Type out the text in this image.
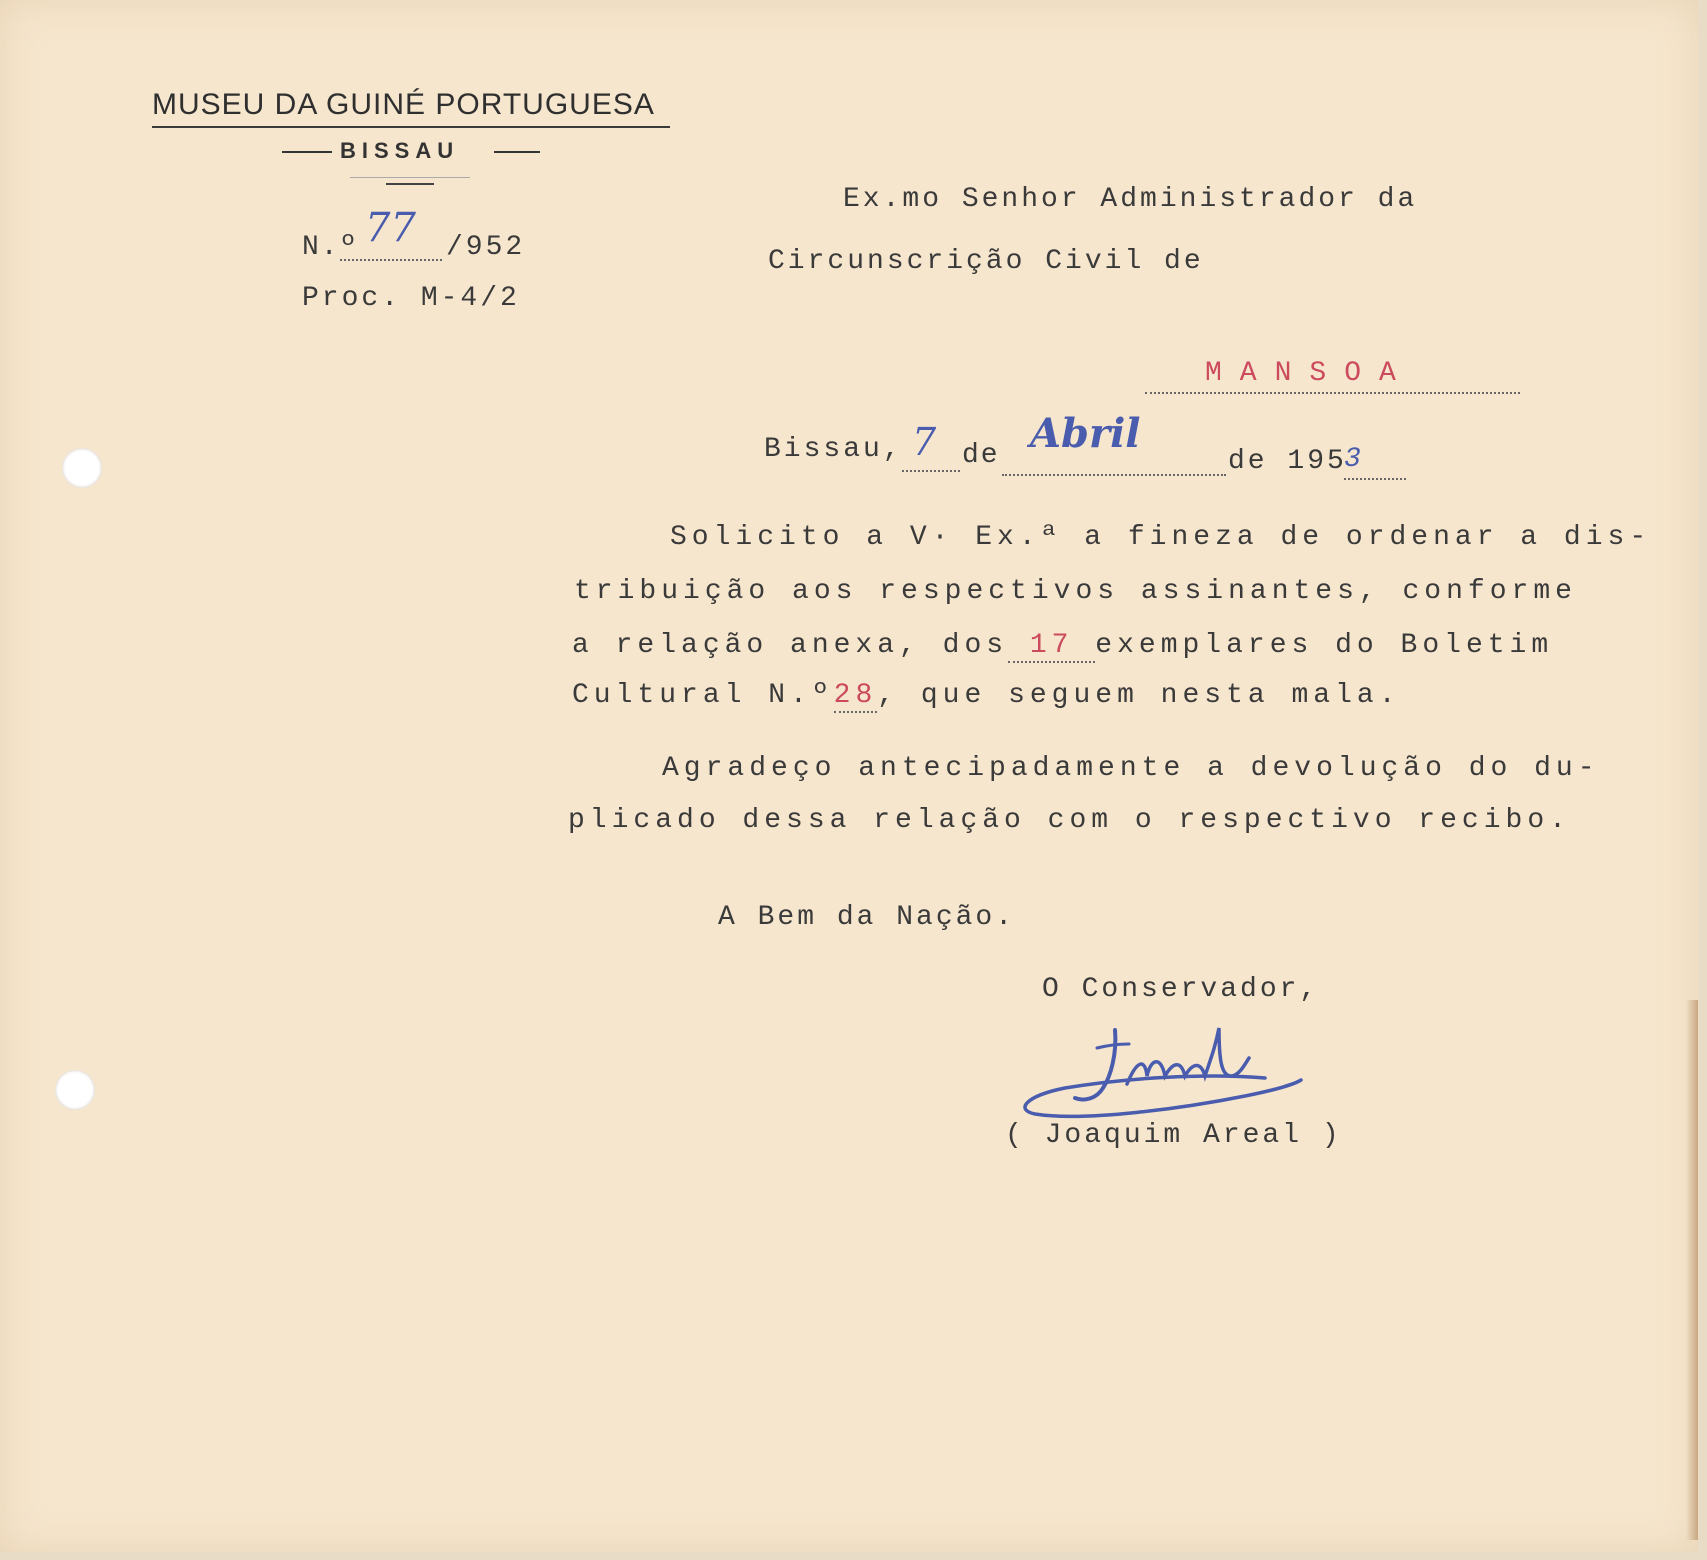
MUSEU DA GUINÉ PORTUGUESA
BISSAU
N.º 77 /952
Proc. M-4/2
Ex.mo Senhor Administrador da
Circunscrição Civil de
MANSOA
Bissau, 7 de Abril
de 195
3
Solicito a V· Ex.ª a fineza de ordenar a dis-
tribuição aos respectivos assinantes, conforme
a relação anexa, dos 17 exemplares do Boletim
Cultural N.º28, que seguem nesta mala.
Agradeço antecipadamente a devolução do du-
plicado dessa relação com o respectivo recibo.
A Bem da Nação.
O Conservador,
( Joaquim Areal )
